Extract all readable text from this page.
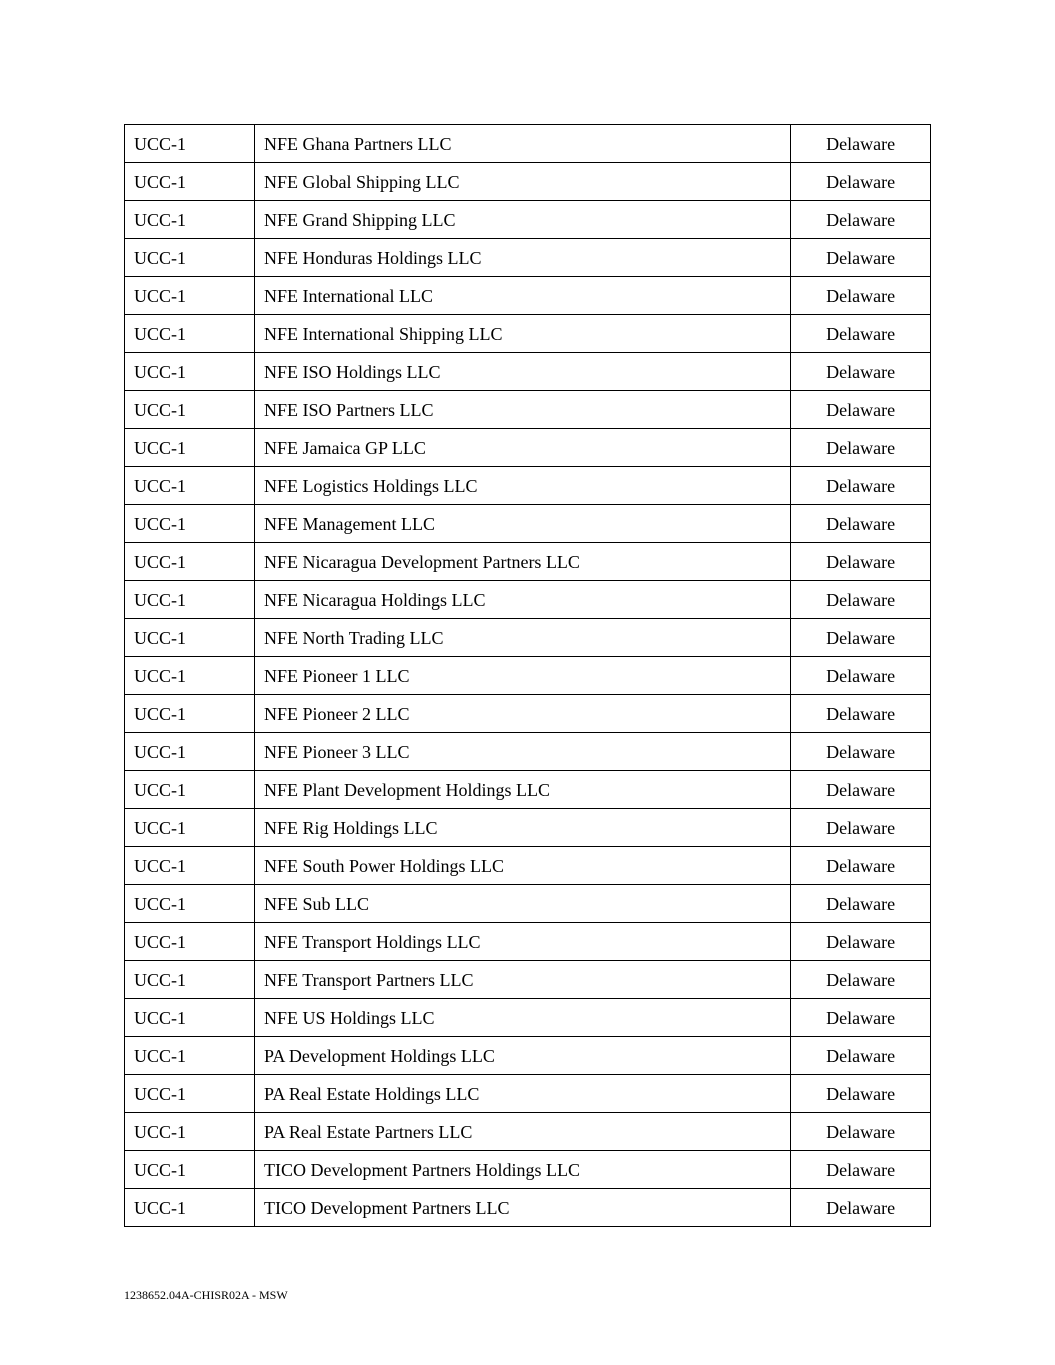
UCC-1	NFE Ghana Partners LLC	Delaware
UCC-1	NFE Global Shipping LLC	Delaware
UCC-1	NFE Grand Shipping LLC	Delaware
UCC-1	NFE Honduras Holdings LLC	Delaware
UCC-1	NFE International LLC	Delaware
UCC-1	NFE International Shipping LLC	Delaware
UCC-1	NFE ISO Holdings LLC	Delaware
UCC-1	NFE ISO Partners LLC	Delaware
UCC-1	NFE Jamaica GP LLC	Delaware
UCC-1	NFE Logistics Holdings LLC	Delaware
UCC-1	NFE Management LLC	Delaware
UCC-1	NFE Nicaragua Development Partners LLC	Delaware
UCC-1	NFE Nicaragua Holdings LLC	Delaware
UCC-1	NFE North Trading LLC	Delaware
UCC-1	NFE Pioneer 1 LLC	Delaware
UCC-1	NFE Pioneer 2 LLC	Delaware
UCC-1	NFE Pioneer 3 LLC	Delaware
UCC-1	NFE Plant Development Holdings LLC	Delaware
UCC-1	NFE Rig Holdings LLC	Delaware
UCC-1	NFE South Power Holdings LLC	Delaware
UCC-1	NFE Sub LLC	Delaware
UCC-1	NFE Transport Holdings LLC	Delaware
UCC-1	NFE Transport Partners LLC	Delaware
UCC-1	NFE US Holdings LLC	Delaware
UCC-1	PA Development Holdings LLC	Delaware
UCC-1	PA Real Estate Holdings LLC	Delaware
UCC-1	PA Real Estate Partners LLC	Delaware
UCC-1	TICO Development Partners Holdings LLC	Delaware
UCC-1	TICO Development Partners LLC	Delaware
1238652.04A-CHISR02A - MSW
